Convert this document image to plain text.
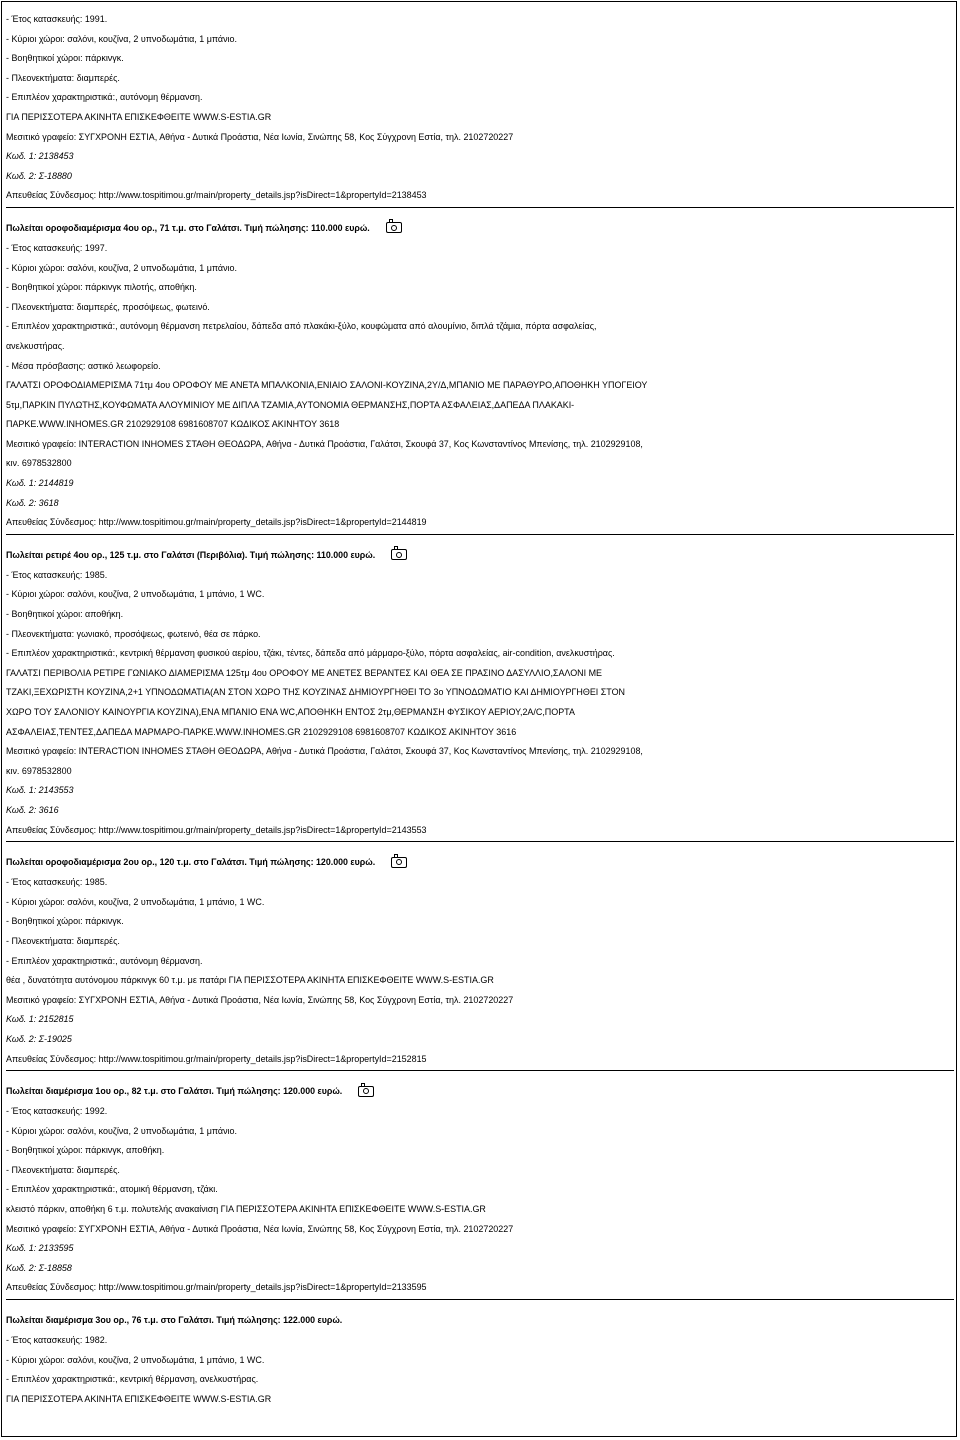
- Έτος κατασκευής: 1991.
- Κύριοι χώροι: σαλόνι, κουζίνα, 2 υπνοδωμάτια, 1 μπάνιο.
- Βοηθητικοί χώροι: πάρκινγκ.
- Πλεονεκτήματα: διαμπερές.
- Επιπλέον χαρακτηριστικά:, αυτόνομη θέρμανση.
ΓΙΑ ΠΕΡΙΣΣΟΤΕΡΑ ΑΚΙΝΗΤΑ ΕΠΙΣΚΕΦΘΕΙΤΕ WWW.S-ESTIA.GR
Μεσιτικό γραφείο: ΣΥΓΧΡΟΝΗ ΕΣΤΙΑ, Αθήνα - Δυτικά Προάστια, Νέα Ιωνία, Σινώπης 58, Κος Σύγχρονη Εστία, τηλ. 2102720227
Κωδ. 1: 2138453
Κωδ. 2: Σ-18880
Απευθείας Σύνδεσμος: http://www.tospitimou.gr/main/property_details.jsp?isDirect=1&propertyId=2138453
Πωλείται οροφοδιαμέρισμα 4ου ορ., 71 τ.μ. στο Γαλάτσι. Τιμή πώλησης: 110.000 ευρώ.
- Έτος κατασκευής: 1997.
- Κύριοι χώροι: σαλόνι, κουζίνα, 2 υπνοδωμάτια, 1 μπάνιο.
- Βοηθητικοί χώροι: πάρκινγκ πιλοτής, αποθήκη.
- Πλεονεκτήματα: διαμπερές, προσόψεως, φωτεινό.
- Επιπλέον χαρακτηριστικά:, αυτόνομη θέρμανση πετρελαίου, δάπεδα από πλακάκι-ξύλο, κουφώματα από αλουμίνιο, διπλά τζάμια, πόρτα ασφαλείας,
ανελκυστήρας.
- Μέσα πρόσβασης: αστικό λεωφορείο.
ΓΑΛΑΤΣΙ ΟΡΟΦΟΔΙΑΜΕΡΙΣΜΑ 71τμ 4ου ΟΡΟΦΟΥ ΜΕ ΑΝΕΤΑ ΜΠΑΛΚΟΝΙΑ,ΕΝΙΑΙΟ ΣΑΛΟΝΙ-ΚΟΥΖΙΝΑ,2Υ/Δ,ΜΠΑΝΙΟ ΜΕ ΠΑΡΑΘΥΡΟ,ΑΠΟΘΗΚΗ ΥΠΟΓΕΙΟΥ
5τμ,ΠΑΡΚΙΝ ΠΥΛΩΤΗΣ,ΚΟΥΦΩΜΑΤΑ ΑΛΟΥΜΙΝΙΟΥ ΜΕ ΔΙΠΛΑ ΤΖΑΜΙΑ,ΑΥΤΟΝΟΜΙΑ ΘΕΡΜΑΝΣΗΣ,ΠΟΡΤΑ ΑΣΦΑΛΕΙΑΣ,ΔΑΠΕΔΑ ΠΛΑΚΑΚΙ-
ΠΑΡΚΕ.WWW.INHOMES.GR 2102929108 6981608707 ΚΩΔΙΚΟΣ ΑΚΙΝΗΤΟΥ 3618
Μεσιτικό γραφείο: INTERACTION INHOMES ΣΤΑΘΗ ΘΕΟΔΩΡΑ, Αθήνα - Δυτικά Προάστια, Γαλάτσι, Σκουφά 37, Κος Κωνσταντίνος Μπενίσης, τηλ. 2102929108,
κιν. 6978532800
Κωδ. 1: 2144819
Κωδ. 2: 3618
Απευθείας Σύνδεσμος: http://www.tospitimou.gr/main/property_details.jsp?isDirect=1&propertyId=2144819
Πωλείται ρετιρέ 4ου ορ., 125 τ.μ. στο Γαλάτσι (Περιβόλια). Τιμή πώλησης: 110.000 ευρώ.
- Έτος κατασκευής: 1985.
- Κύριοι χώροι: σαλόνι, κουζίνα, 2 υπνοδωμάτια, 1 μπάνιο, 1 WC.
- Βοηθητικοί χώροι: αποθήκη.
- Πλεονεκτήματα: γωνιακό, προσόψεως, φωτεινό, θέα σε πάρκο.
- Επιπλέον χαρακτηριστικά:, κεντρική θέρμανση φυσικού αερίου, τζάκι, τέντες, δάπεδα από μάρμαρο-ξύλο, πόρτα ασφαλείας, air-condition, ανελκυστήρας.
ΓΑΛΑΤΣΙ ΠΕΡΙΒΟΛΙΑ ΡΕΤΙΡΕ ΓΩΝΙΑΚΟ ΔΙΑΜΕΡΙΣΜΑ 125τμ 4ου ΟΡΟΦΟΥ ΜΕ ΑΝΕΤΕΣ ΒΕΡΑΝΤΕΣ ΚΑΙ ΘΕΑ ΣΕ ΠΡΑΣΙΝΟ ΔΑΣΥΛΛΙΟ,ΣΑΛΟΝΙ ΜΕ
ΤΖΑΚΙ,ΞΕΧΩΡΙΣΤΗ ΚΟΥΖΙΝΑ,2+1 ΥΠΝΟΔΩΜΑΤΙΑ(ΑΝ ΣΤΟΝ ΧΩΡΟ ΤΗΣ ΚΟΥΖΙΝΑΣ ΔΗΜΙΟΥΡΓΗΘΕΙ ΤΟ 3ο ΥΠΝΟΔΩΜΑΤΙΟ ΚΑΙ ΔΗΜΙΟΥΡΓΗΘΕΙ ΣΤΟΝ
ΧΩΡΟ ΤΟΥ ΣΑΛΟΝΙΟΥ ΚΑΙΝΟΥΡΓΙΑ ΚΟΥΖΙΝΑ),ΕΝΑ ΜΠΑΝΙΟ ΕΝΑ WC,ΑΠΟΘΗΚΗ ΕΝΤΟΣ 2τμ,ΘΕΡΜΑΝΣΗ ΦΥΣΙΚΟΥ ΑΕΡΙΟΥ,2Α/C,ΠΟΡΤΑ
ΑΣΦΑΛΕΙΑΣ,ΤΕΝΤΕΣ,ΔΑΠΕΔΑ ΜΑΡΜΑΡΟ-ΠΑΡΚΕ.WWW.INHOMES.GR 2102929108 6981608707 ΚΩΔΙΚΟΣ ΑΚΙΝΗΤΟΥ 3616
Μεσιτικό γραφείο: INTERACTION INHOMES ΣΤΑΘΗ ΘΕΟΔΩΡΑ, Αθήνα - Δυτικά Προάστια, Γαλάτσι, Σκουφά 37, Κος Κωνσταντίνος Μπενίσης, τηλ. 2102929108,
κιν. 6978532800
Κωδ. 1: 2143553
Κωδ. 2: 3616
Απευθείας Σύνδεσμος: http://www.tospitimou.gr/main/property_details.jsp?isDirect=1&propertyId=2143553
Πωλείται οροφοδιαμέρισμα 2ου ορ., 120 τ.μ. στο Γαλάτσι. Τιμή πώλησης: 120.000 ευρώ.
- Έτος κατασκευής: 1985.
- Κύριοι χώροι: σαλόνι, κουζίνα, 2 υπνοδωμάτια, 1 μπάνιο, 1 WC.
- Βοηθητικοί χώροι: πάρκινγκ.
- Πλεονεκτήματα: διαμπερές.
- Επιπλέον χαρακτηριστικά:, αυτόνομη θέρμανση.
θέα , δυνατότητα αυτόνομου πάρκινγκ 60 τ.μ. με πατάρι ΓΙΑ ΠΕΡΙΣΣΟΤΕΡΑ ΑΚΙΝΗΤΑ ΕΠΙΣΚΕΦΘΕΙΤΕ WWW.S-ESTIA.GR
Μεσιτικό γραφείο: ΣΥΓΧΡΟΝΗ ΕΣΤΙΑ, Αθήνα - Δυτικά Προάστια, Νέα Ιωνία, Σινώπης 58, Κος Σύγχρονη Εστία, τηλ. 2102720227
Κωδ. 1: 2152815
Κωδ. 2: Σ-19025
Απευθείας Σύνδεσμος: http://www.tospitimou.gr/main/property_details.jsp?isDirect=1&propertyId=2152815
Πωλείται διαμέρισμα 1ου ορ., 82 τ.μ. στο Γαλάτσι. Τιμή πώλησης: 120.000 ευρώ.
- Έτος κατασκευής: 1992.
- Κύριοι χώροι: σαλόνι, κουζίνα, 2 υπνοδωμάτια, 1 μπάνιο.
- Βοηθητικοί χώροι: πάρκινγκ, αποθήκη.
- Πλεονεκτήματα: διαμπερές.
- Επιπλέον χαρακτηριστικά:, ατομική θέρμανση, τζάκι.
κλειστό πάρκιν, αποθήκη 6 τ.μ. πολυτελής ανακαίνιση ΓΙΑ ΠΕΡΙΣΣΟΤΕΡΑ ΑΚΙΝΗΤΑ ΕΠΙΣΚΕΦΘΕΙΤΕ WWW.S-ESTIA.GR
Μεσιτικό γραφείο: ΣΥΓΧΡΟΝΗ ΕΣΤΙΑ, Αθήνα - Δυτικά Προάστια, Νέα Ιωνία, Σινώπης 58, Κος Σύγχρονη Εστία, τηλ. 2102720227
Κωδ. 1: 2133595
Κωδ. 2: Σ-18858
Απευθείας Σύνδεσμος: http://www.tospitimou.gr/main/property_details.jsp?isDirect=1&propertyId=2133595
Πωλείται διαμέρισμα 3ου ορ., 76 τ.μ. στο Γαλάτσι. Τιμή πώλησης: 122.000 ευρώ.
- Έτος κατασκευής: 1982.
- Κύριοι χώροι: σαλόνι, κουζίνα, 2 υπνοδωμάτια, 1 μπάνιο, 1 WC.
- Επιπλέον χαρακτηριστικά:, κεντρική θέρμανση, ανελκυστήρας.
ΓΙΑ ΠΕΡΙΣΣΟΤΕΡΑ ΑΚΙΝΗΤΑ ΕΠΙΣΚΕΦΘΕΙΤΕ WWW.S-ESTIA.GR
